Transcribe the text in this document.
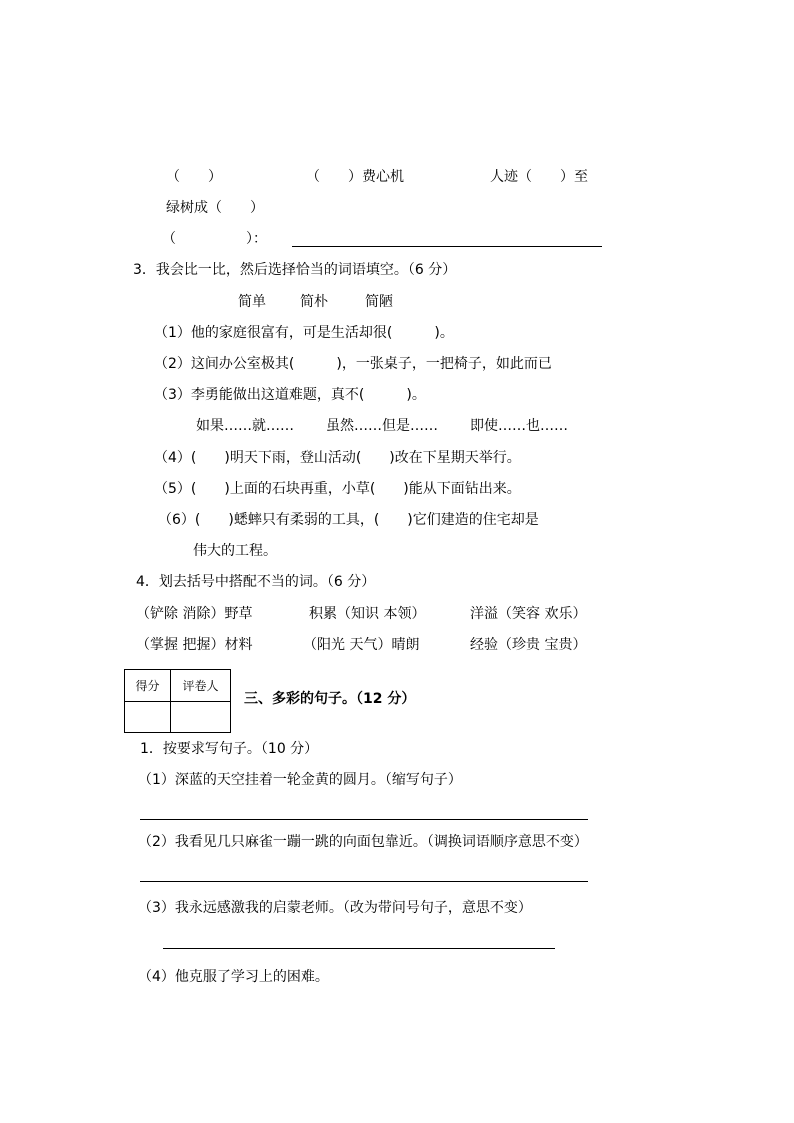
（　　）	（　　）费心机	人迹（　　）至
绿树成（　　）
（　　　　　）：
3．我会比一比，然后选择恰当的词语填空。（6 分）
简单 简朴	简陋
（1）他的家庭很富有，可是生活却很(　　　)。
（2）这间办公室极其(　　　)，一张桌子，一把椅子，如此而已
（3）李勇能做出这道难题，真不(　　　)。
如果……就…… 虽然……但是…… 即使……也……
（4）(　　)明天下雨，登山活动(　　)改在下星期天举行。
（5）(　　)上面的石块再重，小草(　　)能从下面钻出来。
（6）(　　)蟋蟀只有柔弱的工具，(　　)它们建造的住宅却是
伟大的工程。
4．划去括号中搭配不当的词。（6 分）
（铲除 消除）野草	积累（知识 本领）	洋溢（笑容 欢乐）
（掌握 把握）材料	（阳光 天气）晴朗	经验（珍贵 宝贵）
得分	评卷人

三、多彩的句子。（12 分）
1．按要求写句子。（10 分）
（1）深蓝的天空挂着一轮金黄的圆月。（缩写句子）
（2）我看见几只麻雀一蹦一跳的向面包靠近。（调换词语顺序意思不变）
（3）我永远感激我的启蒙老师。（改为带问号句子，意思不变）
（4）他克服了学习上的困难。
